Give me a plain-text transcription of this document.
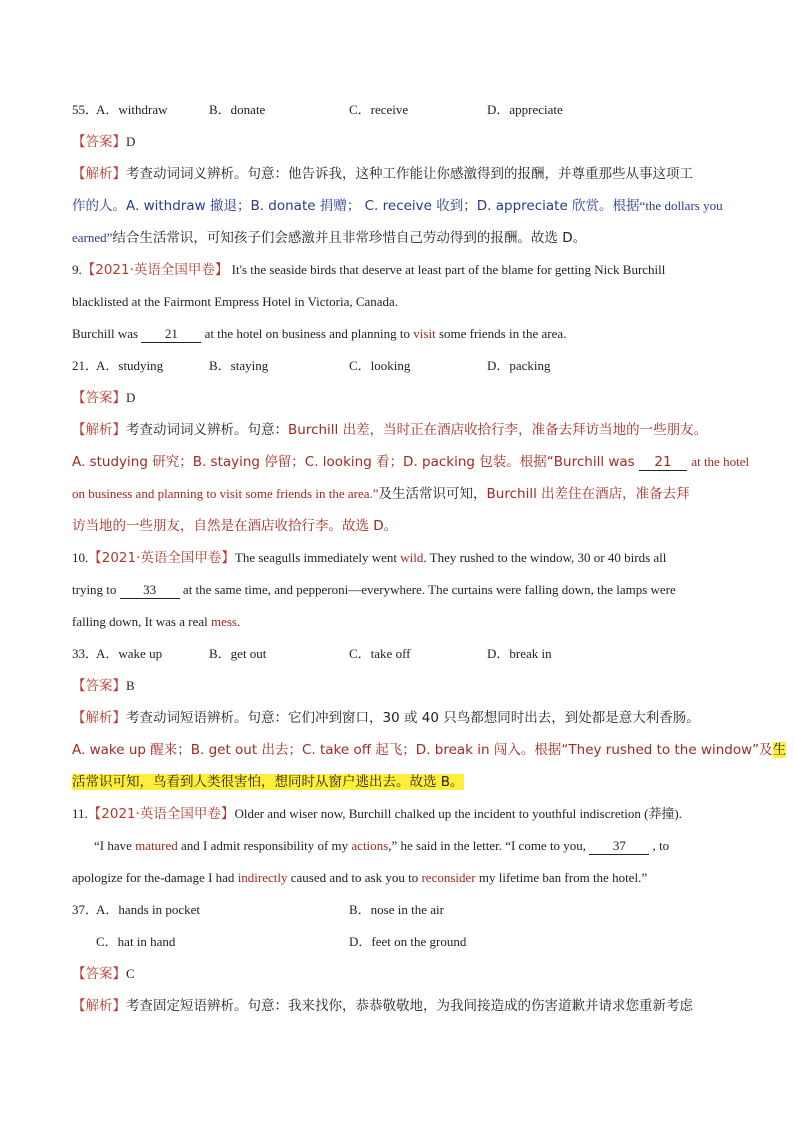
55．
A．withdraw	B．donate	C．receive	D．appreciate
【答案】D
【解析】考查动词词义辨析。句意：他告诉我，这种工作能让你感激得到的报酬，并尊重那些从事这项工
作的人。A. withdraw 撤退；B. donate 捐赠； C. receive 收到；D. appreciate 欣赏。根据“the dollars you
earned”结合生活常识，可知孩子们会感激并且非常珍惜自己劳动得到的报酬。故选 D。
9.【2021·英语全国甲卷】 It's the seaside birds that deserve at least part of the blame for getting Nick Burchill
blacklisted at the Fairmont Empress Hotel in Victoria, Canada.
Burchill was 21 at the hotel on business and planning to visit some friends in the area.
21．
A．studying	B．staying	C．looking	D．packing
【答案】D
【解析】考查动词词义辨析。句意：Burchill 出差，当时正在酒店收拾行李，准备去拜访当地的一些朋友。
A. studying 研究；B. staying 停留；C. looking 看；D. packing 包装。根据“Burchill was 21 at the hotel
on business and planning to visit some friends in the area.”及生活常识可知，Burchill 出差住在酒店，准备去拜
访当地的一些朋友，自然是在酒店收拾行李。故选 D。
10.【2021·英语全国甲卷】The seagulls immediately went wild. They rushed to the window, 30 or 40 birds all
trying to 33 at the same time, and pepperoni—everywhere. The curtains were falling down, the lamps were
falling down, It was a real mess.
33．
A．wake up	B．get out	C．take off	D．break in
【答案】B
【解析】考查动词短语辨析。句意：它们冲到窗口，30 或 40 只鸟都想同时出去，到处都是意大利香肠。
A. wake up 醒来；B. get out 出去；C. take off 起飞；D. break in 闯入。根据“They rushed to the window”及生
活常识可知，鸟看到人类很害怕，想同时从窗户逃出去。故选 B。
11.【2021·英语全国甲卷】Older and wiser now, Burchill chalked up the incident to youthful indiscretion (莽撞).
“I have matured and I admit responsibility of my actions,” he said in the letter. “I come to you, 37 , to
apologize for the-damage I had indirectly caused and to ask you to reconsider my lifetime ban from the hotel.”
37．
A．hands in pocket	B．nose in the air
C．hat in hand	D．feet on the ground
【答案】C
【解析】考查固定短语辨析。句意：我来找你，恭恭敬敬地，为我间接造成的伤害道歉并请求您重新考虑
